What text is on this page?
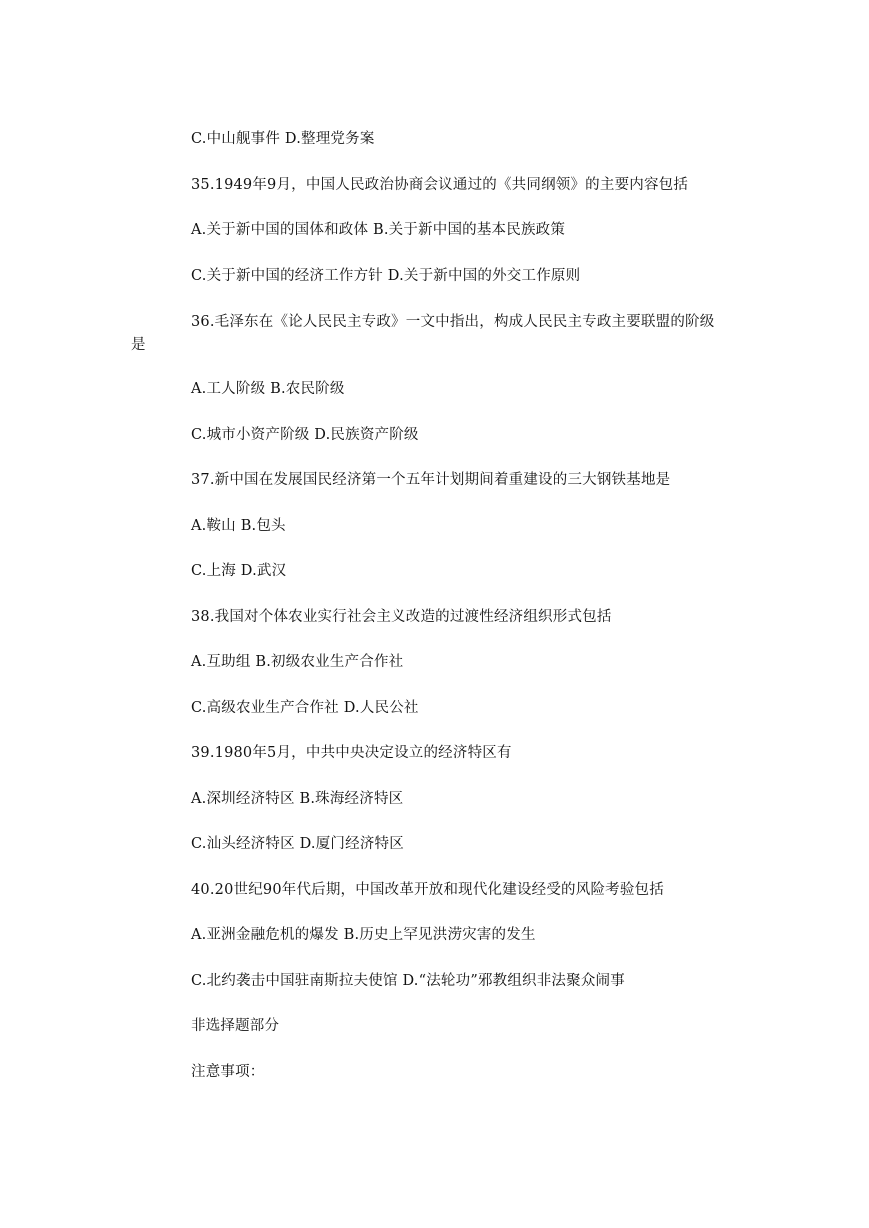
C.中山舰事件 D.整理党务案
35.1949年9月，中国人民政治协商会议通过的《共同纲领》的主要内容包括
A.关于新中国的国体和政体 B.关于新中国的基本民族政策
C.关于新中国的经济工作方针 D.关于新中国的外交工作原则
36.毛泽东在《论人民民主专政》一文中指出，构成人民民主专政主要联盟的阶级
是
A.工人阶级 B.农民阶级
C.城市小资产阶级 D.民族资产阶级
37.新中国在发展国民经济第一个五年计划期间着重建设的三大钢铁基地是
A.鞍山 B.包头
C.上海 D.武汉
38.我国对个体农业实行社会主义改造的过渡性经济组织形式包括
A.互助组 B.初级农业生产合作社
C.高级农业生产合作社 D.人民公社
39.1980年5月，中共中央决定设立的经济特区有
A.深圳经济特区 B.珠海经济特区
C.汕头经济特区 D.厦门经济特区
40.20世纪90年代后期，中国改革开放和现代化建设经受的风险考验包括
A.亚洲金融危机的爆发 B.历史上罕见洪涝灾害的发生
C.北约袭击中国驻南斯拉夫使馆 D.“法轮功”邪教组织非法聚众闹事
非选择题部分
注意事项：
